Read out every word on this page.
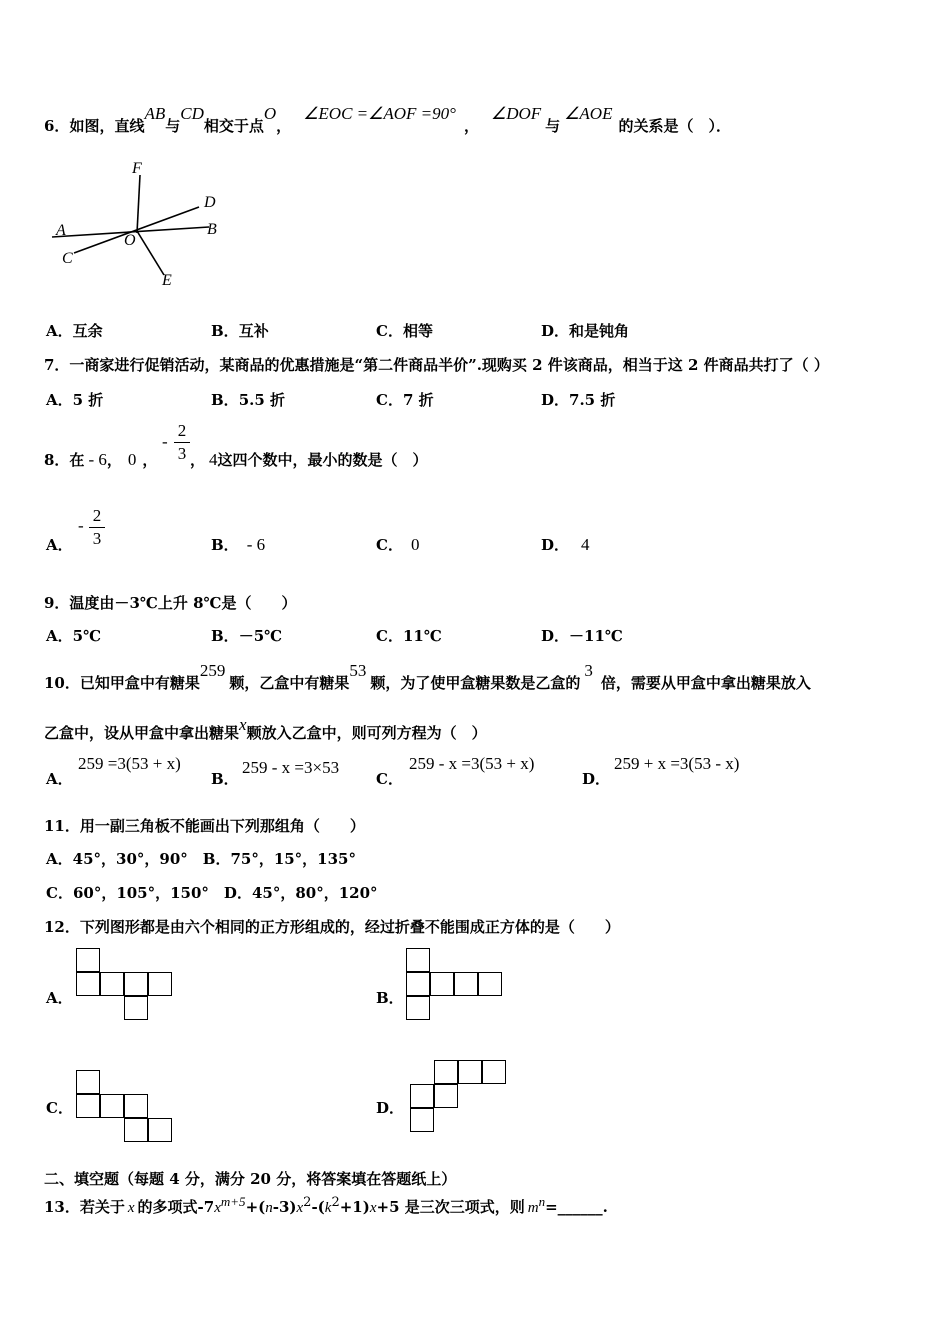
6．如图，直线AB与CD相交于点O，∠EOC =∠AOF =90°，∠DOF与∠AOE的关系是（　）．
F
D
A	B
C
O
E
A．互余	B．互补	C．相等	D．和是钝角
7．一商家进行促销活动，某商品的优惠措施是“第二件商品半价”.现购买 2 件该商品，相当于这 2 件商品共打了（ ）
A．5 折	B．5.5 折	C．7 折	D．7.5 折
8．在 - 6， 0 ，
-
2
3 ， 4这四个数中，最小的数是（　）
A．
-
2
3	B． - 6	C． 0	D． 4
9．温度由－3℃上升 8℃是（　　）
A．5℃	B．－5℃	C．11℃	D．－11℃
10．已知甲盒中有糖果259颗，乙盒中有糖果53颗，为了使甲盒糖果数是乙盒的3倍，需要从甲盒中拿出糖果放入
乙盒中，设从甲盒中拿出糖果x颗放入乙盒中，则可列方程为（　）
A．
259 =3(53 + x)
B．
259 - x =3×53
C．
259 - x =3(53 + x)
D．
259 + x =3(53 - x)
11．用一副三角板不能画出下列那组角（　　）
A．45°，30°，90°　B．75°，15°，135°
C．60°，105°，150°　D．45°，80°，120°
12．下列图形都是由六个相同的正方形组成的，经过折叠不能围成正方体的是（　　）
A．	B．
C．	D．
二、填空题（每题 4 分，满分 20 分，将答案填在答题纸上）
13．若关于 x 的多项式$-7x^{m+5}+(n-3)x^2-(k^2+1)x+5$ 是三次三项式，则 $m^n=\_\_\_\_\_\_$.
